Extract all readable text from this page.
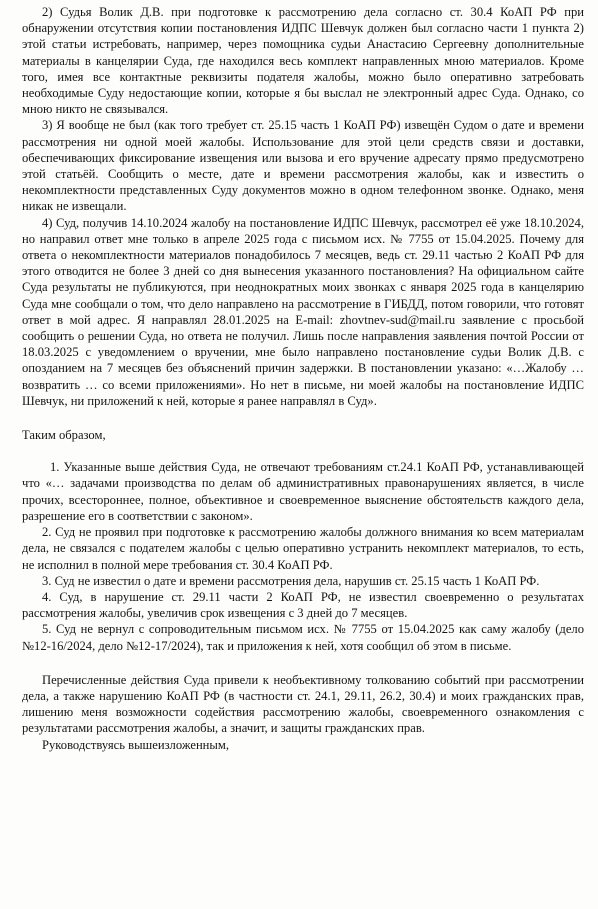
2) Судья Волик Д.В. при подготовке к рассмотрению дела согласно ст. 30.4 КоАП РФ при обнаружении отсутствия копии постановления ИДПС Шевчук должен был согласно части 1 пункта 2) этой статьи истребовать, например, через помощника судьи Анастасию Сергеевну дополнительные материалы в канцелярии Суда, где находился весь комплект направленных мною материалов. Кроме того, имея все контактные реквизиты подателя жалобы, можно было оперативно затребовать необходимые Суду недостающие копии, которые я бы выслал не электронный адрес Суда. Однако, со мною никто не связывался.

3) Я вообще не был (как того требует ст. 25.15 часть 1 КоАП РФ) извещён Судом о дате и времени рассмотрения ни одной моей жалобы. Использование для этой цели средств связи и доставки, обеспечивающих фиксирование извещения или вызова и его вручение адресату прямо предусмотрено этой статьёй. Сообщить о месте, дате и времени рассмотрения жалобы, как и известить о некомплектности представленных Суду документов можно в одном телефонном звонке. Однако, меня никак не извещали.

4) Суд, получив 14.10.2024 жалобу на постановление ИДПС Шевчук, рассмотрел её уже 18.10.2024, но направил ответ мне только в апреле 2025 года с письмом исх. № 7755 от 15.04.2025. Почему для ответа о некомплектности материалов понадобилось 7 месяцев, ведь ст. 29.11 частью 2 КоАП РФ для этого отводится не более 3 дней со дня вынесения указанного постановления? На официальном сайте Суда результаты не публикуются, при неоднократных моих звонках с января 2025 года в канцелярию Суда мне сообщали о том, что дело направлено на рассмотрение в ГИБДД, потом говорили, что готовят ответ в мой адрес. Я направлял 28.01.2025 на E-mail: zhovtnev-sud@mail.ru заявление с просьбой сообщить о решении Суда, но ответа не получил. Лишь после направления заявления почтой России от 18.03.2025 с уведомлением о вручении, мне было направлено постановление судьи Волик Д.В. с опозданием на 7 месяцев без объяснений причин задержки. В постановлении указано: «…Жалобу … возвратить … со всеми приложениями». Но нет в письме, ни моей жалобы на постановление ИДПС Шевчук, ни приложений к ней, которые я ранее направлял в Суд».

Таким образом,

1. Указанные выше действия Суда, не отвечают требованиям ст.24.1 КоАП РФ, устанавливающей что «… задачами производства по делам об административных правонарушениях является, в числе прочих, всестороннее, полное, объективное и своевременное выяснение обстоятельств каждого дела, разрешение его в соответствии с законом».

2. Суд не проявил при подготовке к рассмотрению жалобы должного внимания ко всем материалам дела, не связался с подателем жалобы с целью оперативно устранить некомплект материалов, то есть, не исполнил в полной мере требования ст. 30.4 КоАП РФ.

3. Суд не известил о дате и времени рассмотрения дела, нарушив ст. 25.15 часть 1 КоАП РФ.

4. Суд, в нарушение ст. 29.11 части 2 КоАП РФ, не известил своевременно о результатах рассмотрения жалобы, увеличив срок извещения с 3 дней до 7 месяцев.

5. Суд не вернул с сопроводительным письмом исх. № 7755 от 15.04.2025 как саму жалобу (дело №12-16/2024, дело №12-17/2024), так и приложения к ней, хотя сообщил об этом в письме.

Перечисленные действия Суда привели к необъективному толкованию событий при рассмотрении дела, а также нарушению КоАП РФ (в частности ст. 24.1, 29.11, 26.2, 30.4) и моих гражданских прав, лишению меня возможности содействия рассмотрению жалобы, своевременного ознакомления с результатами рассмотрения жалобы, а значит, и защиты гражданских прав.

Руководствуясь вышеизложенным,
